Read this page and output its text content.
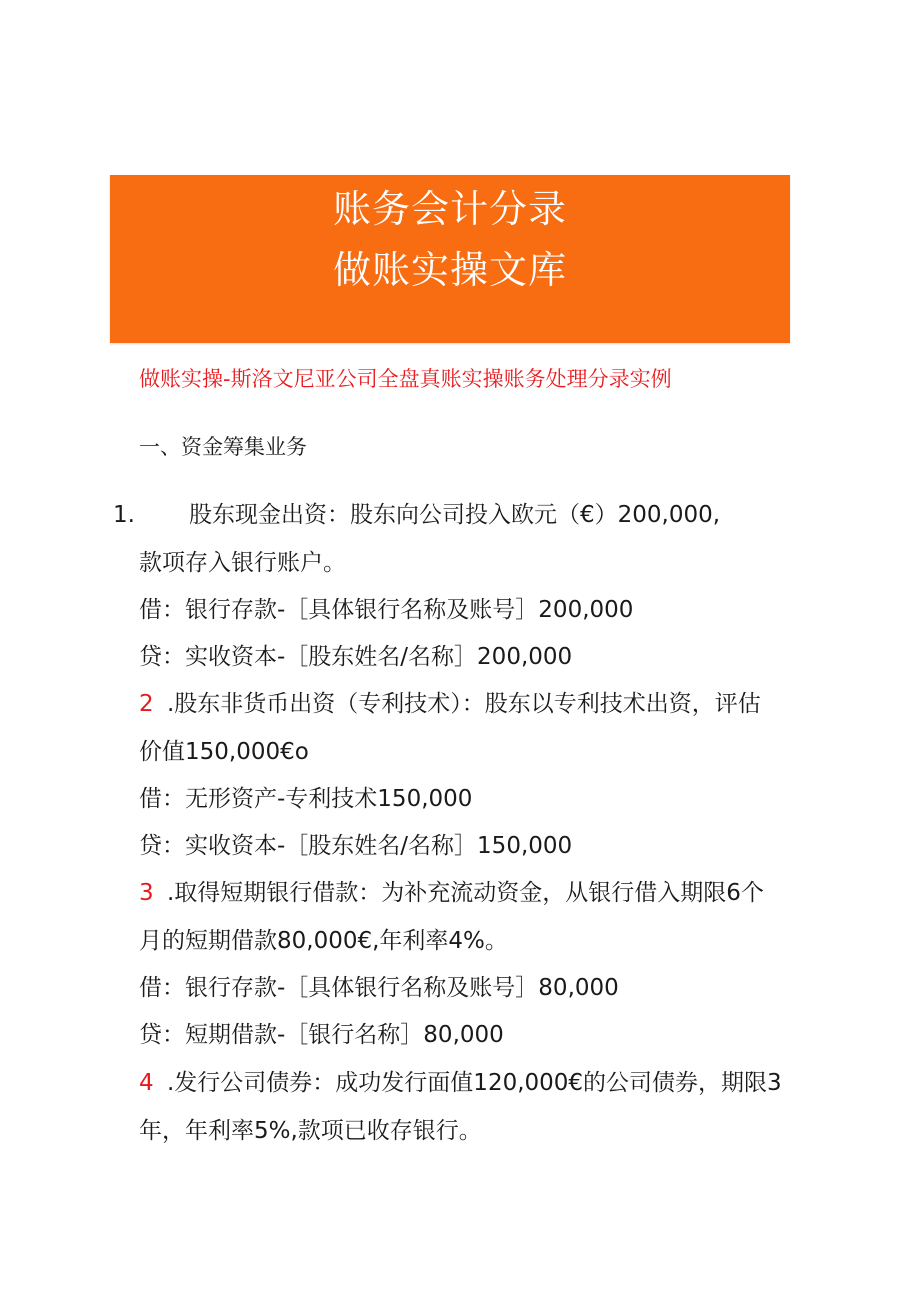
账务会计分录
做账实操文库
做账实操-斯洛文尼亚公司全盘真账实操账务处理分录实例
一、资金筹集业务
1. 股东现金出资：股东向公司投入欧元（€）200,000,
款项存入银行账户。
借：银行存款-［具体银行名称及账号］200,000
贷：实收资本-［股东姓名/名称］200,000
2 .股东非货币出资（专利技术）：股东以专利技术出资，评估
价值150,000€o
借：无形资产-专利技术150,000
贷：实收资本-［股东姓名/名称］150,000
3 .取得短期银行借款：为补充流动资金，从银行借入期限6个
月的短期借款80,000€,年利率4%。
借：银行存款-［具体银行名称及账号］80,000
贷：短期借款-［银行名称］80,000
4 .发行公司债券：成功发行面值120,000€的公司债券，期限3
年，年利率5%,款项已收存银行。
